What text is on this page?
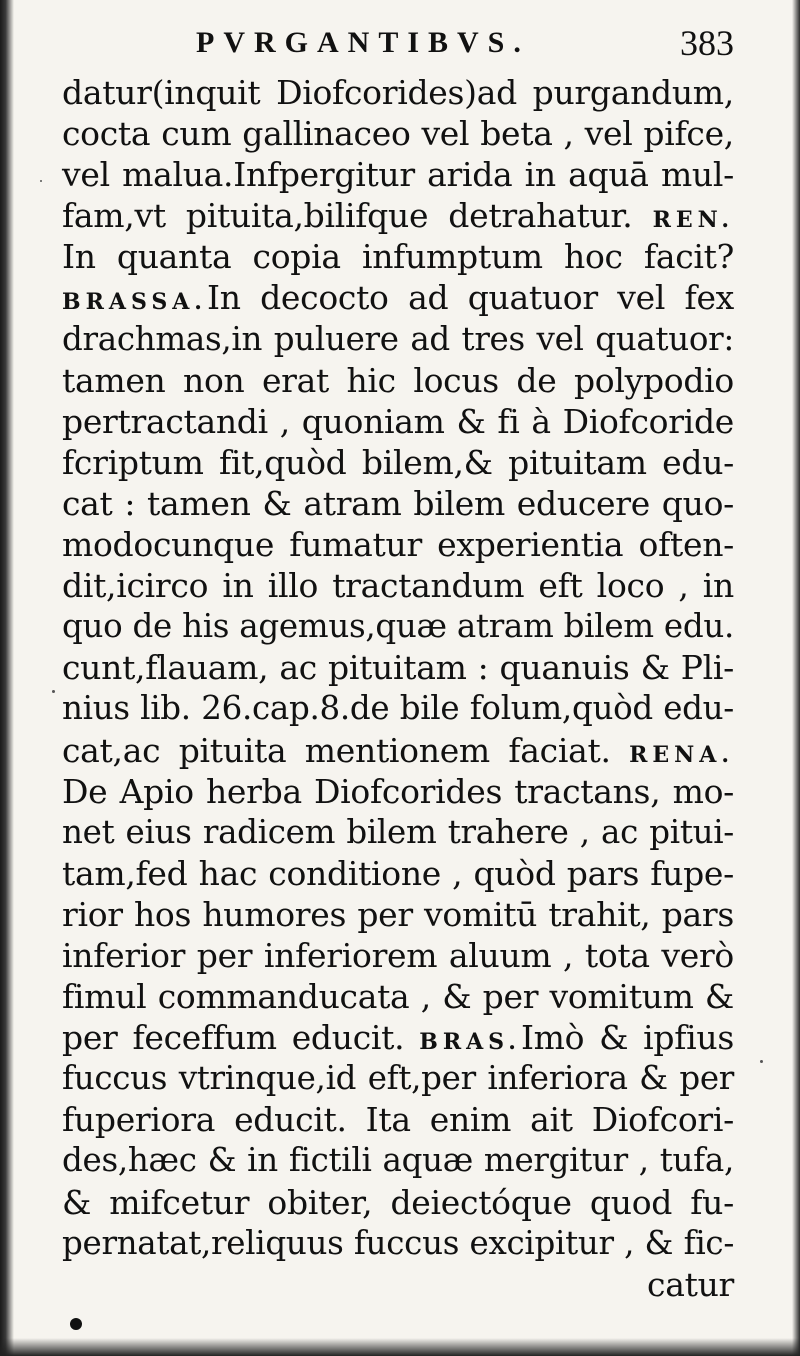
PVRGANTIBVS.	383
datur(inquit Diofcorides)ad purgandum,
cocta cum gallinaceo vel beta , vel pifce,
vel malua.Infpergitur arida in aquā mul-
fam,vt pituita,bilifque detrahatur. REN.
In quanta copia infumptum hoc facit?
BRASSA.In decocto ad quatuor vel fex
drachmas,in puluere ad tres vel quatuor:
tamen non erat hic locus de polypodio
pertractandi , quoniam & fi à Diofcoride
fcriptum fit,quòd bilem,& pituitam edu-
cat : tamen & atram bilem educere quo-
modocunque fumatur experientia often-
dit,icirco in illo tractandum eft loco , in
quo de his agemus,quæ atram bilem edu.
cunt,flauam, ac pituitam : quanuis & Pli-
nius lib. 26.cap.8.de bile folum,quòd edu-
cat,ac pituita mentionem faciat. RENA.
De Apio herba Diofcorides tractans, mo-
net eius radicem bilem trahere , ac pitui-
tam,fed hac conditione , quòd pars fupe-
rior hos humores per vomitū trahit, pars
inferior per inferiorem aluum , tota verò
fimul commanducata , & per vomitum &
per feceffum educit. BRAS.Imò & ipfius
fuccus vtrinque,id eft,per inferiora & per
fuperiora educit. Ita enim ait Diofcori-
des,hæc & in fictili aquæ mergitur , tufa,
& mifcetur obiter, deiectóque quod fu-
pernatat,reliquus fuccus excipitur , & fic-
catur
